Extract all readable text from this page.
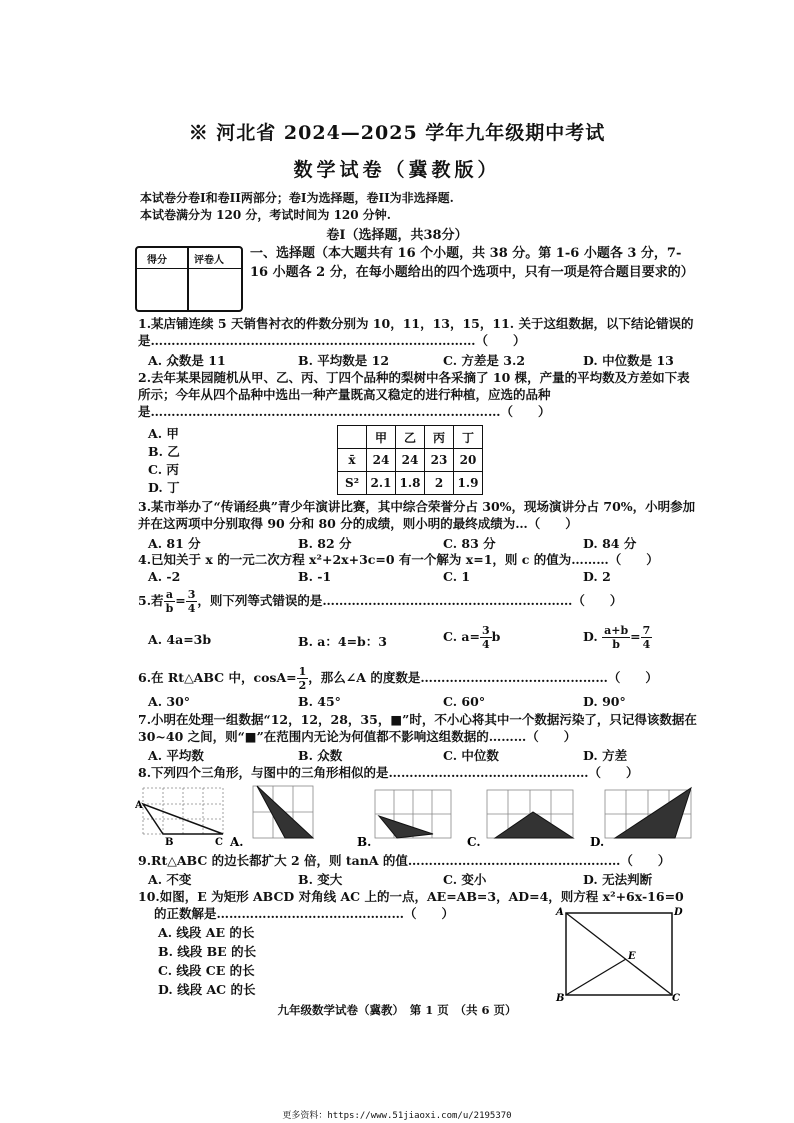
※ 河北省 2024—2025 学年九年级期中考试
数学试卷（冀教版）
本试卷分卷I和卷II两部分；卷I为选择题，卷II为非选择题.
本试卷满分为 120 分，考试时间为 120 分钟.
卷Ⅰ（选择题，共38分）
得分	评卷人 一、选择题（本大题共有 16 个小题，共 38 分。第 1-6 小题各 3 分，7-16 小题各 2 分，在每小题给出的四个选项中，只有一项是符合题目要求的）
1.某店铺连续 5 天销售衬衣的件数分别为 10，11，13，15，11. 关于这组数据，以下结论错误的是……………………………………………………………………（　　）
A. 众数是 11	B. 平均数是 12	C. 方差是 3.2	D. 中位数是 13
2.去年某果园随机从甲、乙、丙、丁四个品种的梨树中各采摘了 10 棵，产量的平均数及方差如下表所示；今年从四个品种中选出一种产量既高又稳定的进行种植，应选的品种是…………………………………………………………………………（　　）
A. 甲
B. 乙
C. 丙
D. 丁
	甲	乙	丙	丁
x̄	24	24	23	20
S²	2.1	1.8	2	1.9
3.某市举办了“传诵经典”青少年演讲比赛，其中综合荣誉分占 30%，现场演讲分占 70%，小明参加并在这两项中分别取得 90 分和 80 分的成绩，则小明的最终成绩为…（　　）
A. 81 分	B. 82 分	C. 83 分	D. 84 分
4.已知关于 x 的一元二次方程 x²+2x+3c=0 有一个解为 x=1，则 c 的值为………（　　）
A. -2	B. -1	C. 1	D. 2
5.若 $\frac{a}{b} = \frac{3}{4}$ ，则下列等式错误的是……………………………………………………（　　）
A. 4a=3b	B. a：4=b：3	C. $a= \frac{3}{4}$ b	D. $\frac{a+b}{b} = \frac{7}{4}$
6.在 Rt△ABC 中，$\cos A= \frac{1}{2}$ ，那么∠A 的度数是………………………………………（　　）
A. 30°	B. 45°	C. 60°	D. 90°
7.小明在处理一组数据“12，12，28，35，■”时，不小心将其中一个数据污染了，只记得该数据在 30~40 之间，则“■”在范围内无论为何值都不影响这组数据的………（　　）
A. 平均数	B. 众数	C. 中位数	D. 方差
8.下列四个三角形，与图中的三角形相似的是…………………………………………（　　）
A
B	C A.	B.	C.	D.
9.Rt△ABC 的边长都扩大 2 倍，则 tanA 的值……………………………………………（　　）
A. 不变	B. 变大	C. 变小	D. 无法判断
10.如图，E 为矩形 ABCD 对角线 AC 上的一点，AE=AB=3，AD=4，则方程 x²+6x-16=0
的正数解是………………………………………（　　）
A. 线段 AE 的长
B. 线段 BE 的长
C. 线段 CE 的长
D. 线段 AC 的长
A	D
E
B	C
九年级数学试卷（冀教）　第 1 页　（共 6 页）
更多资料：https://www.51jiaoxi.com/u/2195370
